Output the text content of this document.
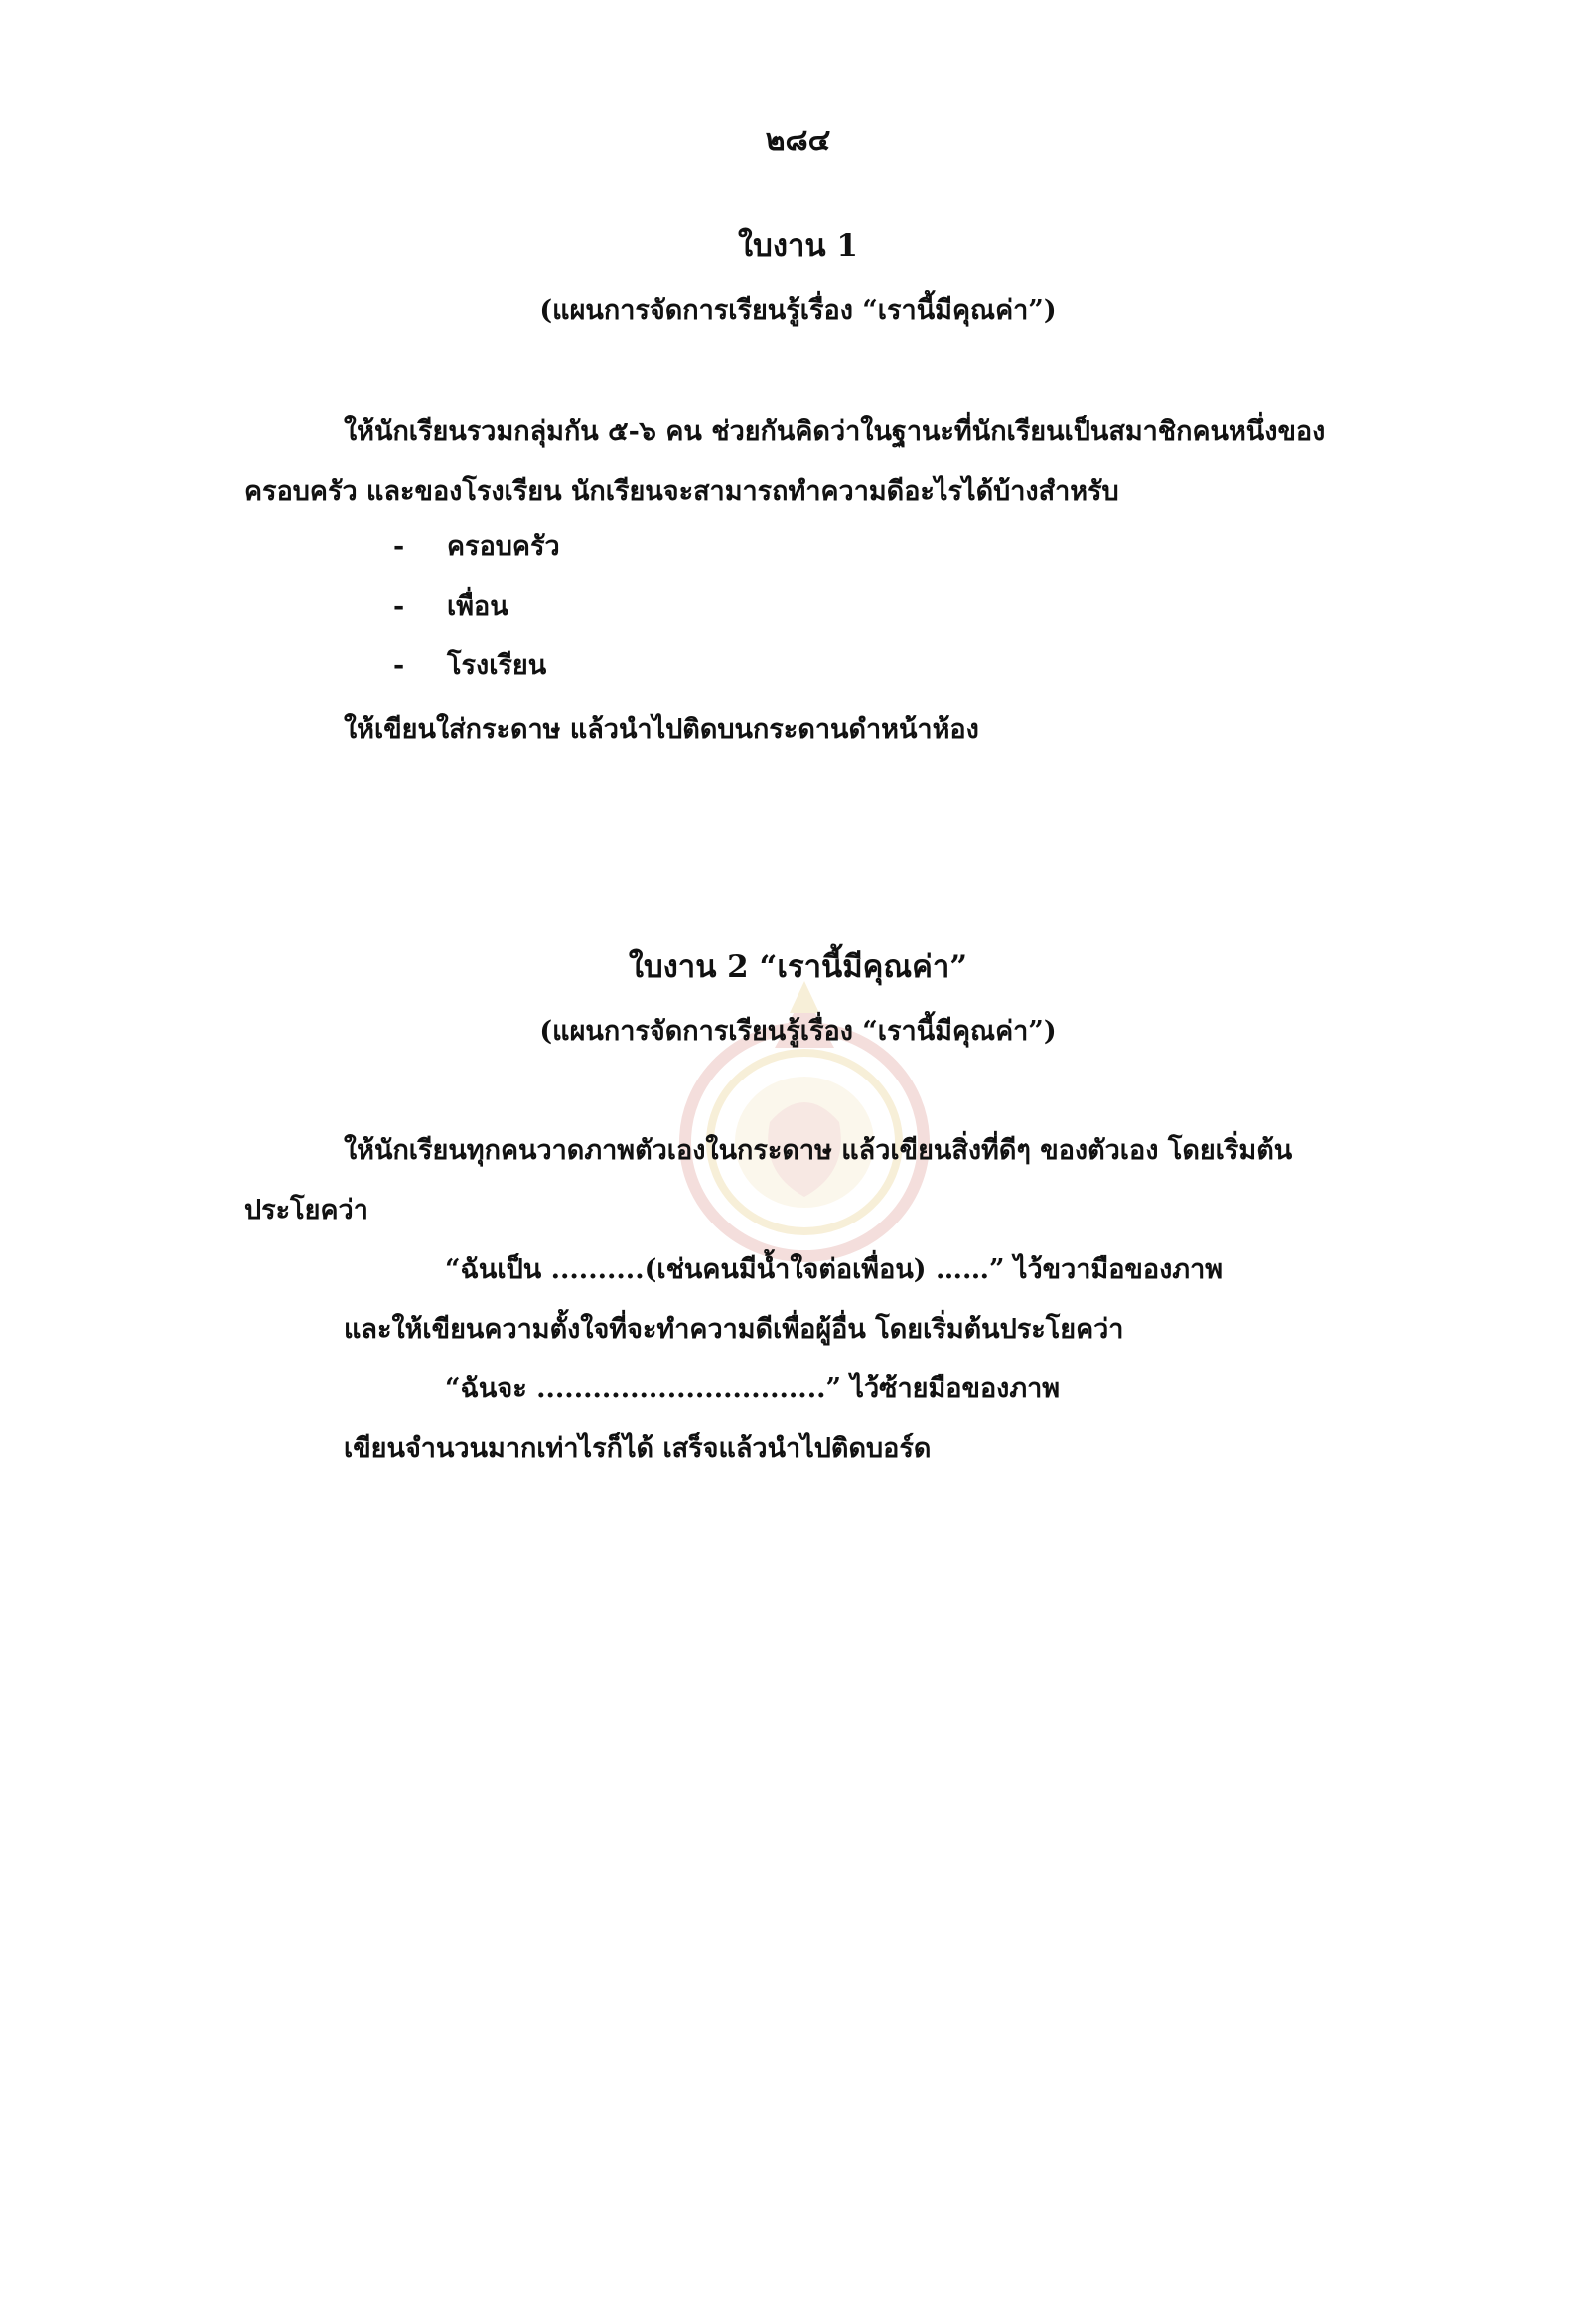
๒๘๔
ใบงาน 1
(แผนการจัดการเรียนรู้เรื่อง “เรานี้มีคุณค่า”)
ให้นักเรียนรวมกลุ่มกัน ๕-๖ คน ช่วยกันคิดว่าในฐานะที่นักเรียนเป็นสมาชิกคนหนึ่งของ
ครอบครัว และของโรงเรียน นักเรียนจะสามารถทำความดีอะไรได้บ้างสำหรับ
- ครอบครัว
- เพื่อน
- โรงเรียน
ให้เขียนใส่กระดาษ แล้วนำไปติดบนกระดานดำหน้าห้อง
ใบงาน 2 “เรานี้มีคุณค่า”
(แผนการจัดการเรียนรู้เรื่อง “เรานี้มีคุณค่า”)
ให้นักเรียนทุกคนวาดภาพตัวเองในกระดาษ แล้วเขียนสิ่งที่ดีๆ ของตัวเอง โดยเริ่มต้น
ประโยคว่า
“ฉันเป็น ..........(เช่นคนมีน้ำใจต่อเพื่อน) ……” ไว้ขวามือของภาพ
และให้เขียนความตั้งใจที่จะทำความดีเพื่อผู้อื่น โดยเริ่มต้นประโยคว่า
“ฉันจะ ...............................” ไว้ซ้ายมือของภาพ
เขียนจำนวนมากเท่าไรก็ได้ เสร็จแล้วนำไปติดบอร์ด
